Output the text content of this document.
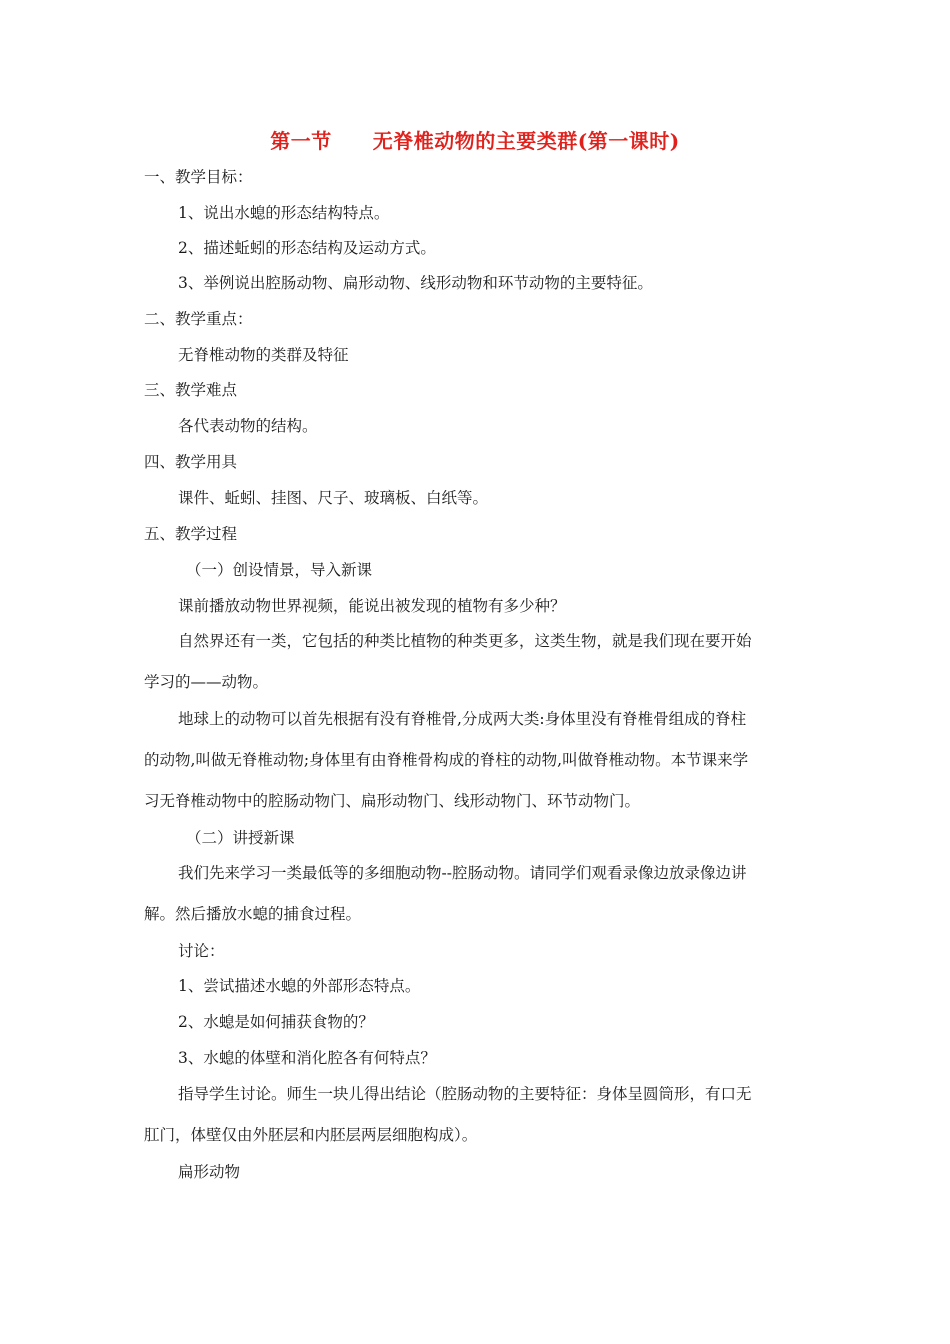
第一节　　无脊椎动物的主要类群(第一课时)
一、教学目标：
1、说出水螅的形态结构特点。
2、描述蚯蚓的形态结构及运动方式。
3、举例说出腔肠动物、扁形动物、线形动物和环节动物的主要特征。
二、教学重点：
无脊椎动物的类群及特征
三、教学难点
各代表动物的结构。
四、教学用具
课件、蚯蚓、挂图、尺子、玻璃板、白纸等。
五、教学过程
（一）创设情景，导入新课
课前播放动物世界视频，能说出被发现的植物有多少种？
自然界还有一类，它包括的种类比植物的种类更多，这类生物，就是我们现在要开始
学习的——动物。
地球上的动物可以首先根据有没有脊椎骨,分成两大类:身体里没有脊椎骨组成的脊柱
的动物,叫做无脊椎动物;身体里有由脊椎骨构成的脊柱的动物,叫做脊椎动物。本节课来学
习无脊椎动物中的腔肠动物门、扁形动物门、线形动物门、环节动物门。
（二）讲授新课
我们先来学习一类最低等的多细胞动物--腔肠动物。请同学们观看录像边放录像边讲
解。然后播放水螅的捕食过程。
讨论：
1、尝试描述水螅的外部形态特点。
2、水螅是如何捕获食物的？
3、水螅的体壁和消化腔各有何特点？
指导学生讨论。师生一块儿得出结论（腔肠动物的主要特征：身体呈圆筒形，有口无
肛门，体壁仅由外胚层和内胚层两层细胞构成）。
扁形动物
